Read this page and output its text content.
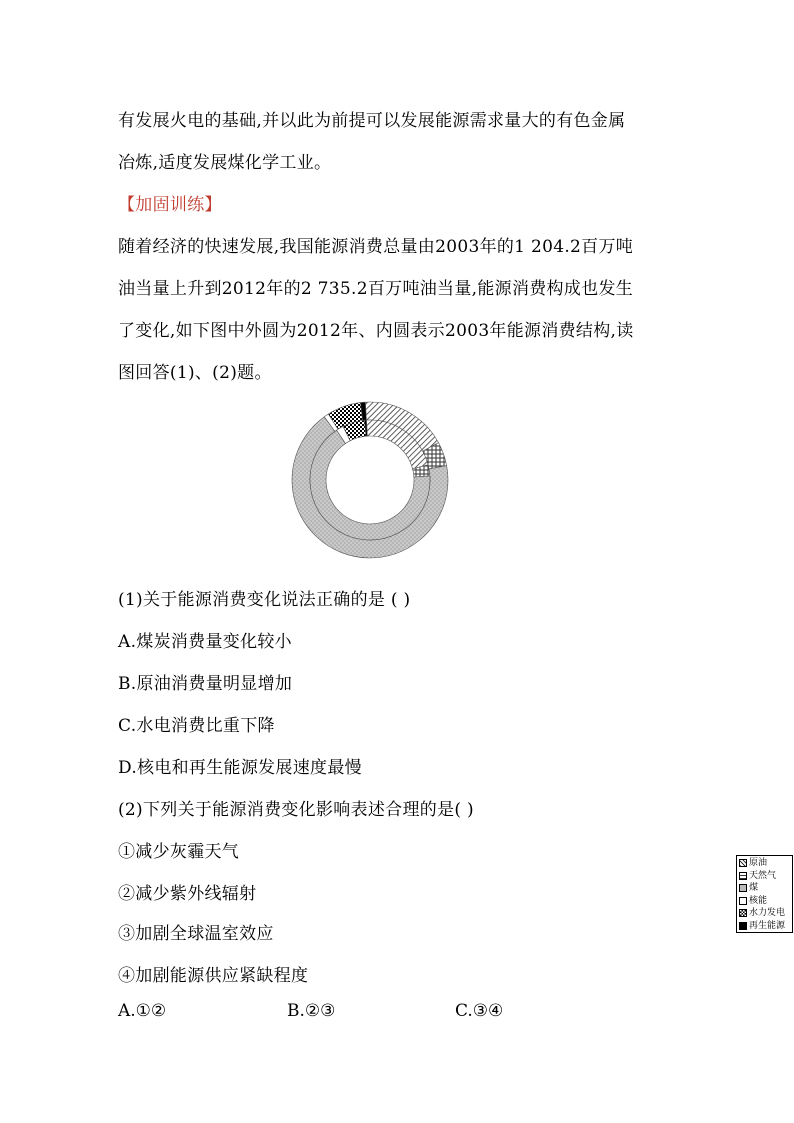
有发展火电的基础,并以此为前提可以发展能源需求量大的有色金属
冶炼,适度发展煤化学工业。
【加固训练】
随着经济的快速发展,我国能源消费总量由2003年的1 204.2百万吨
油当量上升到2012年的2 735.2百万吨油当量,能源消费构成也发生
了变化,如下图中外圆为2012年、内圆表示2003年能源消费结构,读
图回答(1)、(2)题。
原油
天然气
煤
核能
水力发电
再生能源
(1)关于能源消费变化说法正确的是 ( )
A.煤炭消费量变化较小
B.原油消费量明显增加
C.水电消费比重下降
D.核电和再生能源发展速度最慢
(2)下列关于能源消费变化影响表述合理的是( )
①减少灰霾天气
②减少紫外线辐射
③加剧全球温室效应
④加剧能源供应紧缺程度
A.①②	B.②③	C.③④
